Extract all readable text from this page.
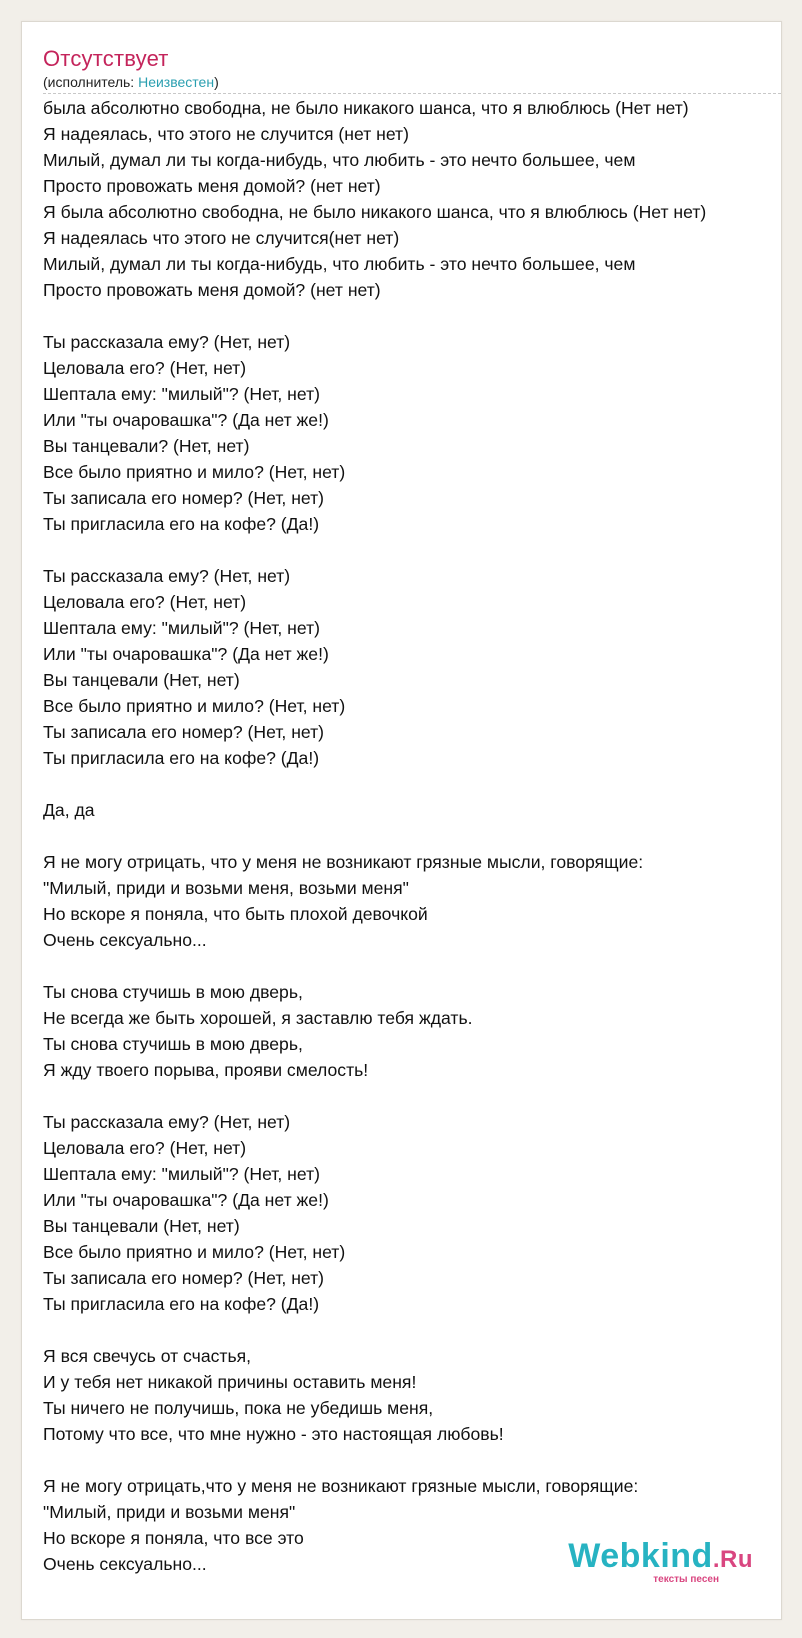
Отсутствует
(исполнитель: Неизвестен)
была абсолютно свободна, не было никакого шанса, что я влюблюсь (Нет нет)
Я надеялась, что этого не случится (нет нет)
Милый, думал ли ты когда-нибудь, что любить - это нечто большее, чем
Просто провожать меня домой? (нет нет)
Я была абсолютно свободна, не было никакого шанса, что я влюблюсь (Нет нет)
Я надеялась что этого не случится(нет нет)
Милый, думал ли ты когда-нибудь, что любить - это нечто большее, чем
Просто провожать меня домой? (нет нет)
Ты рассказала ему? (Нет, нет)
Целовала его? (Нет, нет)
Шептала ему: "милый"? (Нет, нет)
Или "ты очаровашка"? (Да нет же!)
Вы танцевали? (Нет, нет)
Все было приятно и мило? (Нет, нет)
Ты записала его номер? (Нет, нет)
Ты пригласила его на кофе? (Да!)
Ты рассказала ему? (Нет, нет)
Целовала его? (Нет, нет)
Шептала ему: "милый"? (Нет, нет)
Или "ты очаровашка"? (Да нет же!)
Вы танцевали (Нет, нет)
Все было приятно и мило? (Нет, нет)
Ты записала его номер? (Нет, нет)
Ты пригласила его на кофе? (Да!)
Да, да
Я не могу отрицать, что у меня не возникают грязные мысли, говорящие:
"Милый, приди и возьми меня, возьми меня"
Но вскоре я поняла, что быть плохой девочкой
Очень сексуально...
Ты снова стучишь в мою дверь,
Не всегда же быть хорошей, я заставлю тебя ждать.
Ты снова стучишь в мою дверь,
Я жду твоего порыва, прояви смелость!
Ты рассказала ему? (Нет, нет)
Целовала его? (Нет, нет)
Шептала ему: "милый"? (Нет, нет)
Или "ты очаровашка"? (Да нет же!)
Вы танцевали (Нет, нет)
Все было приятно и мило? (Нет, нет)
Ты записала его номер? (Нет, нет)
Ты пригласила его на кофе? (Да!)
Я вся свечусь от счастья,
И у тебя нет никакой причины оставить меня!
Ты ничего не получишь, пока не убедишь меня,
Потому что все, что мне нужно - это настоящая любовь!
Я не могу отрицать,что у меня не возникают грязные мысли, говорящие:
"Милый, приди и возьми меня"
Но вскоре я поняла, что все это
Очень сексуально...	Webkind.Ru
тексты песен
